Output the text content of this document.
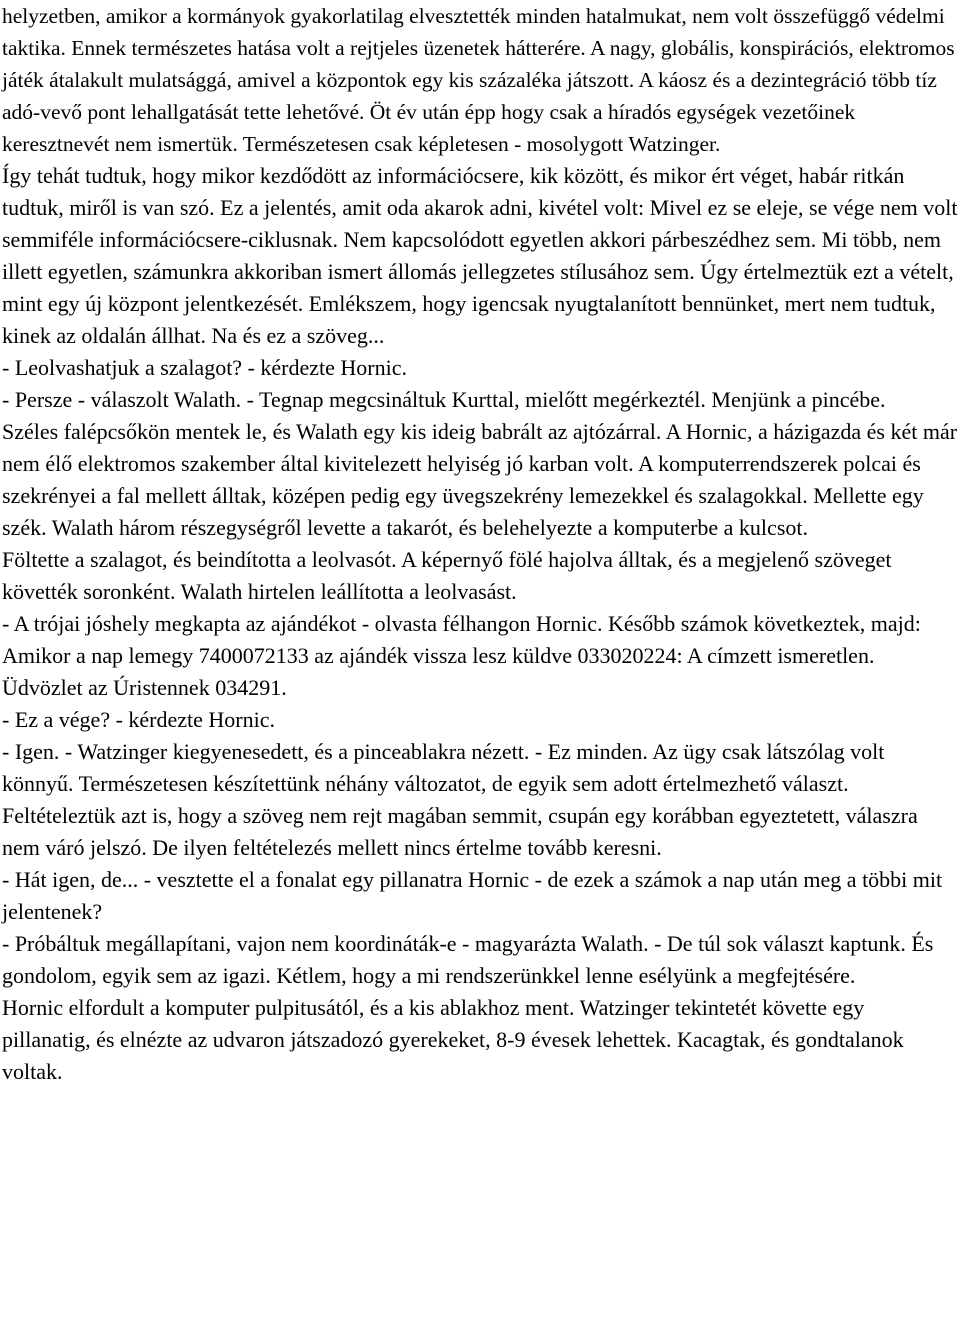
helyzetben, amikor a kormányok gyakorlatilag elvesztették minden hatalmukat, nem volt összefüggő védelmi taktika. Ennek természetes hatása volt a rejtjeles üzenetek hátterére. A nagy, globális, konspirációs, elektromos játék átalakult mulatsággá, amivel a központok egy kis százaléka játszott. A káosz és a dezintegráció több tíz adó-vevő pont lehallgatását tette lehetővé. Öt év után épp hogy csak a híradós egységek vezetőinek keresztnevét nem ismertük. Természetesen csak képletesen - mosolygott Watzinger.

Így tehát tudtuk, hogy mikor kezdődött az információcsere, kik között, és mikor ért véget, habár ritkán tudtuk, miről is van szó. Ez a jelentés, amit oda akarok adni, kivétel volt: Mivel ez se eleje, se vége nem volt semmiféle információcsere-ciklusnak. Nem kapcsolódott egyetlen akkori párbeszédhez sem. Mi több, nem illett egyetlen, számunkra akkoriban ismert állomás jellegzetes stílusához sem. Úgy értelmeztük ezt a vételt, mint egy új központ jelentkezését. Emlékszem, hogy igencsak nyugtalanított bennünket, mert nem tudtuk, kinek az oldalán állhat. Na és ez a szöveg...

- Leolvashatjuk a szalagot? - kérdezte Hornic.

- Persze - válaszolt Walath. - Tegnap megcsináltuk Kurttal, mielőtt megérkeztél. Menjünk a pincébe.

Széles falépcsőkön mentek le, és Walath egy kis ideig babrált az ajtózárral. A Hornic, a házigazda és két már nem élő elektromos szakember által kivitelezett helyiség jó karban volt. A komputerrendszerek polcai és szekrényei a fal mellett álltak, középen pedig egy üvegszekrény lemezekkel és szalagokkal. Mellette egy szék. Walath három részegységről levette a takarót, és belehelyezte a komputerbe a kulcsot.

Föltette a szalagot, és beindította a leolvasót. A képernyő fölé hajolva álltak, és a megjelenő szöveget követték soronként. Walath hirtelen leállította a leolvasást.

- A trójai jóshely megkapta az ajándékot - olvasta félhangon Hornic. Később számok következtek, majd:

Amikor a nap lemegy 7400072133 az ajándék vissza lesz küldve 033020224: A címzett ismeretlen. Üdvözlet az Úristennek 034291.

- Ez a vége? - kérdezte Hornic.

- Igen. - Watzinger kiegyenesedett, és a pinceablakra nézett. - Ez minden. Az ügy csak látszólag volt könnyű. Természetesen készítettünk néhány változatot, de egyik sem adott értelmezhető választ. Feltételeztük azt is, hogy a szöveg nem rejt magában semmit, csupán egy korábban egyeztetett, válaszra nem váró jelszó. De ilyen feltételezés mellett nincs értelme tovább keresni.

- Hát igen, de... - vesztette el a fonalat egy pillanatra Hornic - de ezek a számok a nap után meg a többi mit jelentenek?

- Próbáltuk megállapítani, vajon nem koordináták-e - magyarázta Walath. - De túl sok választ kaptunk. És gondolom, egyik sem az igazi. Kétlem, hogy a mi rendszerünkkel lenne esélyünk a megfejtésére.

Hornic elfordult a komputer pulpitusától, és a kis ablakhoz ment. Watzinger tekintetét követte egy pillanatig, és elnézte az udvaron játszadozó gyerekeket, 8-9 évesek lehettek. Kacagtak, és gondtalanok voltak.
